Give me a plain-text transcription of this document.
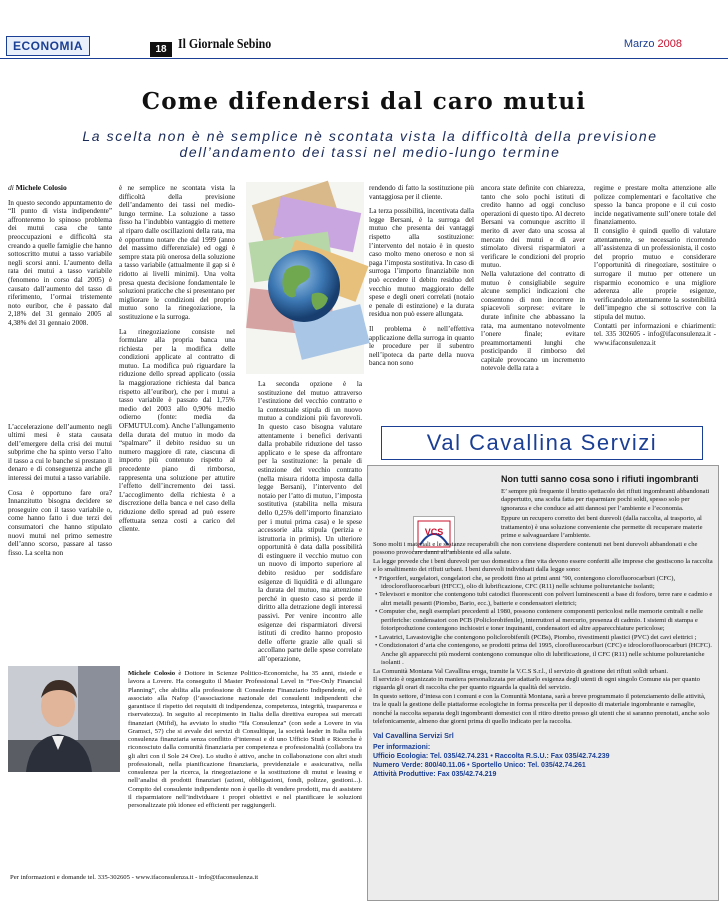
ECONOMIA	18 Il Giornale Sebino	Marzo 2008
Come difendersi dal caro mutui
La scelta non è nè semplice nè scontata vista la difficoltà della previsione dell’andamento dei tassi nel medio-lungo termine

di Michele Colosio

In questo secondo appuntamento de “Il punto di vista indipendente” affronteremo lo spinoso problema dei mutui casa che tante preoccupazioni e difficoltà sta creando a quelle famiglie che hanno sottoscritto mutui a tasso variabile negli scorsi anni. L’aumento della rata dei mutui a tasso variabile (fenomeno in corso dal 2005) è causato dall’aumento del tasso di riferimento, l’ormai tristemente noto euribor, che è passato dal 2,18% del 31 gennaio 2005 al 4,38% del 31 gennaio 2008.

L’accelerazione dell’aumento negli ultimi mesi è stata causata dell’emergere della crisi dei mutui subprime che ha spinto verso l’alto il tasso a cui le banche si prestano il denaro e di conseguenza anche gli interessi dei mutui a tasso variabile.

Cosa è opportuno fare ora? Innanzitutto bisogna decidere se proseguire con il tasso variabile o, come hanno fatto i due terzi dei consumatori che hanno stipulato nuovi mutui nel primo semestre dell’anno scorso, passare al tasso fisso. La scelta non

è ne semplice ne scontata vista la difficoltà della previsione dell’andamento dei tassi nel medio-lungo termine. La soluzione a tasso fisso ha l’indubbio vantaggio di mettere al riparo dalle oscillazioni della rata, ma è opportuno notare che dal 1999 (anno del massimo differenziale) ed oggi è sempre stata più onerosa della soluzione a tasso variabile (attualmente il gap si è ridotto ai livelli minimi). Una volta presa questa decisione fondamentale le soluzioni praticche che si presentano per migliorare le condizioni del proprio mutuo sono la rinegoziazione, la sostituzione e la surroga.

La rinegoziazione consiste nel formulare alla propria banca una richiesta per la modifica delle condizioni applicate al contratto di mutuo. La modifica può riguardare la riduzione dello spread applicato (ossia la maggiorazione richiesta dal banca rispetto all’euribor), che per i mutui a tasso variabile è passato dal 1,75% medio del 2003 allo 0,90% medio odierno (fonte: media da OFMUTUI.com). Anche l’allungamento della durata del mutuo in modo da “spalmare” il debito residuo su un numero maggiore di rate, ciascuna di importo più contenuto rispetto al precedente piano di rimborso, rappresenta una soluzione per attutire l’effetto dell’incremento dei tassi. L’accoglimento della richiesta è a discrezione della banca e nel caso della riduzione dello spread ad può essere effettuata senza costi a carico del cliente.

La seconda opzione è la sostituzione del mutuo attraverso l’estinzione del vecchio contratto e la contestuale stipula di un nuovo mutuo a condizioni più favorevoli. In questo caso bisogna valutare attentamente i benefici derivanti dalla probabile riduzione del tasso applicato e le spese da affrontare per la sostituzione: la penale di estinzione del vecchio contratto (nella misura ridotta imposta dalla legge Bersani), l’intervento del notaio per l’atto di mutuo, l’imposta sostitutiva (stabilita nella misura dello 0,25% dell’importo finanziato per i mutui prima casa) e le spese accessorie alla stipula (perizia e istruttoria in primis). Un ulteriore opportunità è data dalla possibilità di estinguere il vecchio mutuo con un nuovo di importo superiore al debito residuo per soddisfare esigenze di liquidità e di allungare la durata del mutuo, ma attenzione perché in questo caso si perde il diritto alla detrazione degli interessi passivi. Per venire incontro alle esigenze dei risparmiatori diversi istituti di credito hanno proposto delle offerte grazie alle quali si accollano parte delle spese correlate all’operazione,

rendendo di fatto la sostituzione più vantaggiosa per il cliente.

La terza possibilità, incentivata dalla legge Bersani, è la surroga del mutuo che presenta dei vantaggi rispetto alla sostituzione: l’intervento del notaio è in questo caso molto meno oneroso e non si paga l’imposta sostitutiva. In caso di surroga l’importo finanziabile non può eccedere il debito residuo del vecchio mutuo maggiorato delle spese e degli oneri correlati (notaio e penale di estinzione) e la durata residua non può essere allungata.

Il problema è nell’effettiva applicazione della surroga in quanto le procedure per il subentro nell’ipoteca da parte della nuova banca non sono

ancora state definite con chiarezza, tanto che solo pochi istituti di credito hanno ad oggi concluso operazioni di questo tipo. Al decreto Bersani va comunque ascritto il merito di aver dato una scossa al mercato dei mutui e di aver stimolato diversi risparmiatori a verificare le condizioni del proprio mutuo.

Nella valutazione del contratto di mutuo è consigliabile seguire alcune semplici indicazioni che consentono di non incorrere in spiacevoli sorprese: evitare le durate infinite che abbassano la rata, ma aumentano notevolmente l’onere finale; evitare preammortamenti lunghi che posticipando il rimborso del capitale provocano un incremento notevole della rata a

regime e prestare molta attenzione alle polizze complementari e facoltative che spesso la banca propone e il cui costo incide negativamente sull’onere totale del finanziamento.

Il consiglio è quindi quello di valutare attentamente, se necessario ricorrendo all’assistenza di un professionista, il costo del proprio mutuo e considerare l’opportunità di rinegoziare, sostituire o surrogare il mutuo per ottenere un risparmio economico e una migliore aderenza alle proprie esigenze, verificandolo attentamente la sostenibilità dell’impegno che si sottoscrive con la stipula del mutuo.

Contatti per informazioni e chiarimenti: tel. 335 302605 - info@ifaconsulenza.it - www.ifaconsulenza.it

Michele Colosio è Dottore in Scienze Politico-Economiche, ha 35 anni, risiede e lavora a Lovere. Ha conseguito il Master Professional Level in “Fee-Only Financial Planning”, che abilita alla professione di Consulente Finanziario Indipendente, ed è associato alla Nafop (l’associazione nazionale dei consulenti indipendenti che garantisce il rispetto dei requisiti di indipendenza, competenza, integrità, trasparenza e riservatezza). In seguito al recepimento in Italia della direttiva europea sui mercati finanziari (Mifid), ha avviato lo studio “Ifa Consulenza” (con sede a Lovere in via Gramsci, 57) che si avvale dei servizi di Consultique, la società leader in Italia nella consulenza finanziaria senza conflitto d’interessi e di uno Ufficio Studi e Ricerche è riconosciuto dalla comunità finanziaria per competenza e professionalità (collabora tra gli altri con il Sole 24 Ore). Lo studio è attivo, anche in collaborazione con altri studi professionali, nella pianificazione finanziaria, previdenziale e assicurativa, nella consulenza per la ricerca, la rinegoziazione e la sostituzione di mutui e leasing e nell’analisi di prodotti finanziari (azioni, obbligazioni, fondi, polizze, gestioni...). Compito del consulente indipendente non è quello di vendere prodotti, ma di assistere il risparmiatore nell’individuare i propri obiettivi e nel pianificare le soluzioni personalizzate più idonee ed efficienti per raggiungerli.

Per informazioni e domande tel. 335-302605 - www.ifaconsulenza.it - info@ifaconsulenza.it

Val Cavallina Servizi
VCS

Non tutti sanno cosa sono i rifiuti ingombranti

E’ sempre più frequente il brutto spettacolo dei rifiuti ingombranti abbandonati dappertutto, una scelta fatta per risparmiare pochi soldi, spesso solo per ignoranza e che conduce ad atti dannosi per l’ambiente e l’economia.

Eppure un recupero corretto dei beni durevoli (dalla raccolta, al trasporto, al trattamento) è una soluzione conveniente che permette di recuperare materie prime e salvaguardare l’ambiente.

Sono molti i materiali e le sostanze recuperabili che non conviene disperdere contenuti nei beni durevoli abbandonati e che possono provocare danni all’ambiente ed alla salute.

La legge prevede che i beni durevoli per uso domestico a fine vita devono essere conferiti alle imprese che gestiscono la raccolta e lo smaltimento dei rifiuti urbani. I beni durevoli individuati dalla legge sono:

• Frigoriferi, surgelatori, congelatori che, se prodotti fino ai primi anni ’90, contengono clorofluorocarburi (CFC), idroclorofluorocarburi (HFCC), olio di lubrificazione, CFC (R11) nelle schiume poliuretaniche isolanti;

• Televisori e monitor che contengono tubi catodici fluorescenti con polveri luminescenti a base di fosforo, terre rare e cadmio e altri metalli pesanti (Piombo, Bario, ecc.), batterie e condensatori elettrici;

• Computer che, negli esemplari precedenti al 1980, possono contenere componenti pericolosi nelle memorie centrali e nelle periferiche: condensatori con PCB (Policlorobifenile), interruttori al mercurio, presenza di cadmio. I sistemi di stampa e fotoriproduzione contengono inchiostri e toner inquinanti, condensatori ed altre apparecchiature pericolose;

• Lavatrici, Lavastoviglie che contengono policlorobifenili (PCBs), Piombo, rivestimenti plastici (PVC) dei cavi elettrici ;

• Condizionatori d’aria che contengono, se prodotti prima del 1995, clorofluorocarburi (CFC) e idroclorofluorocarburi (HCFC). Anche gli apparecchi più moderni contengono comunque olio di lubrificazione, il CFC (R11) nelle schiume poliuretaniche isolanti .

La Comunità Montana Val Cavallina eroga, tramite la V.C.S S.r.l., il servizio di gestione dei rifiuti solidi urbani.

Il servizio è organizzato in maniera personalizzata per adattarlo esigenza degli utenti di ogni singolo Comune sia per quanto riguarda gli orari di raccolta che per quanto riguarda la qualità del servizio.

In questo settore, d’intesa con i comuni e con la Comunità Montana, sarà a breve programmato il potenziamento delle attività, tra le quali la gestione delle piattaforme ecologiche in forma prescelta per il deposito di materiale ingombrante e ramaglie, nonché la raccolta separata degli ingombranti domestici con il ritiro diretto presso gli utenti che si saranno prenotati, anche solo telefonicamente, almeno due giorni prima di quello indicato per la raccolta.

Val Cavallina Servizi Srl

Per informazioni:

Ufficio Ecologia: Tel. 035/42.74.231 • Raccolta R.S.U.: Fax 035/42.74.239

Numero Verde: 800/40.11.06 • Sportello Unico: Tel. 035/42.74.261

Attività Produttive: Fax 035/42.74.219
